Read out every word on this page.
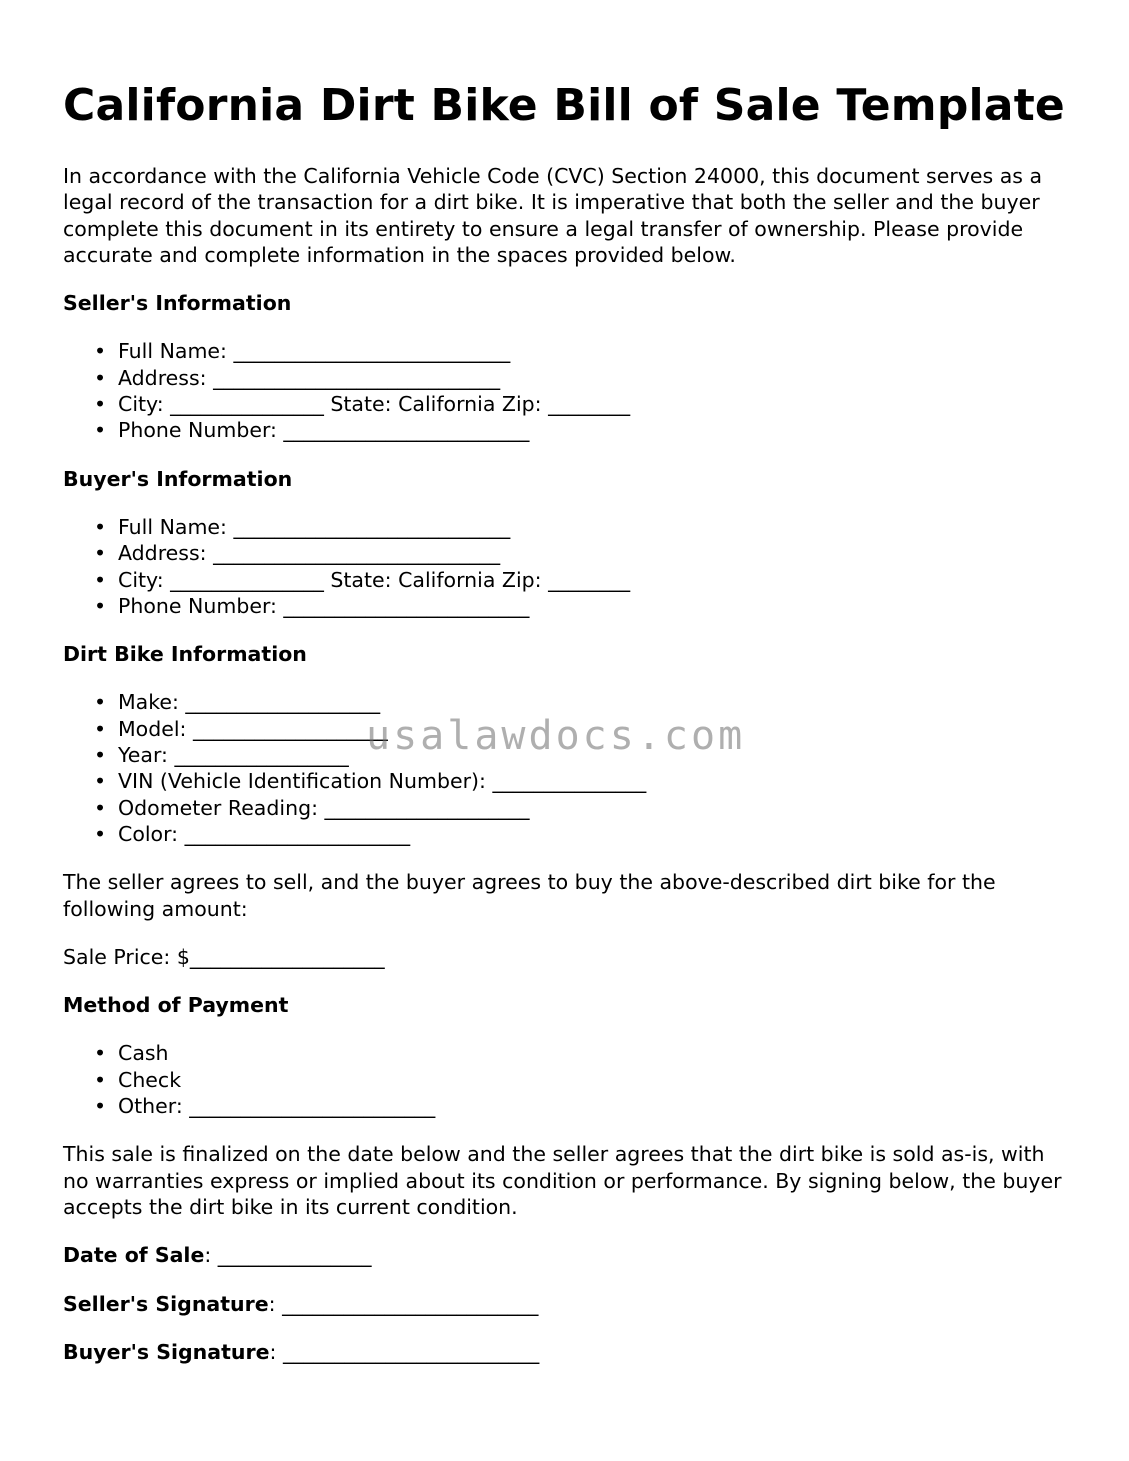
California Dirt Bike Bill of Sale Template

In accordance with the California Vehicle Code (CVC) Section 24000, this document serves as a legal record of the transaction for a dirt bike. It is imperative that both the seller and the buyer complete this document in its entirety to ensure a legal transfer of ownership. Please provide accurate and complete information in the spaces provided below.

Seller's Information
• Full Name: ___________________________
• Address: ____________________________
• City: _______________ State: California Zip: ________
• Phone Number: ________________________
Buyer's Information
• Full Name: ___________________________
• Address: ____________________________
• City: _______________ State: California Zip: ________
• Phone Number: ________________________
Dirt Bike Information
• Make: ___________________
• Model: ___________________
• Year: _________________
• VIN (Vehicle Identification Number): _______________
• Odometer Reading: ____________________
• Color: ______________________

The seller agrees to sell, and the buyer agrees to buy the above-described dirt bike for the following amount:

Sale Price: $___________________

Method of Payment
• Cash
• Check
• Other: ________________________

This sale is finalized on the date below and the seller agrees that the dirt bike is sold as-is, with no warranties express or implied about its condition or performance. By signing below, the buyer accepts the dirt bike in its current condition.

Date of Sale: _______________

Seller's Signature: _________________________

Buyer's Signature: _________________________

usalawdocs.com
